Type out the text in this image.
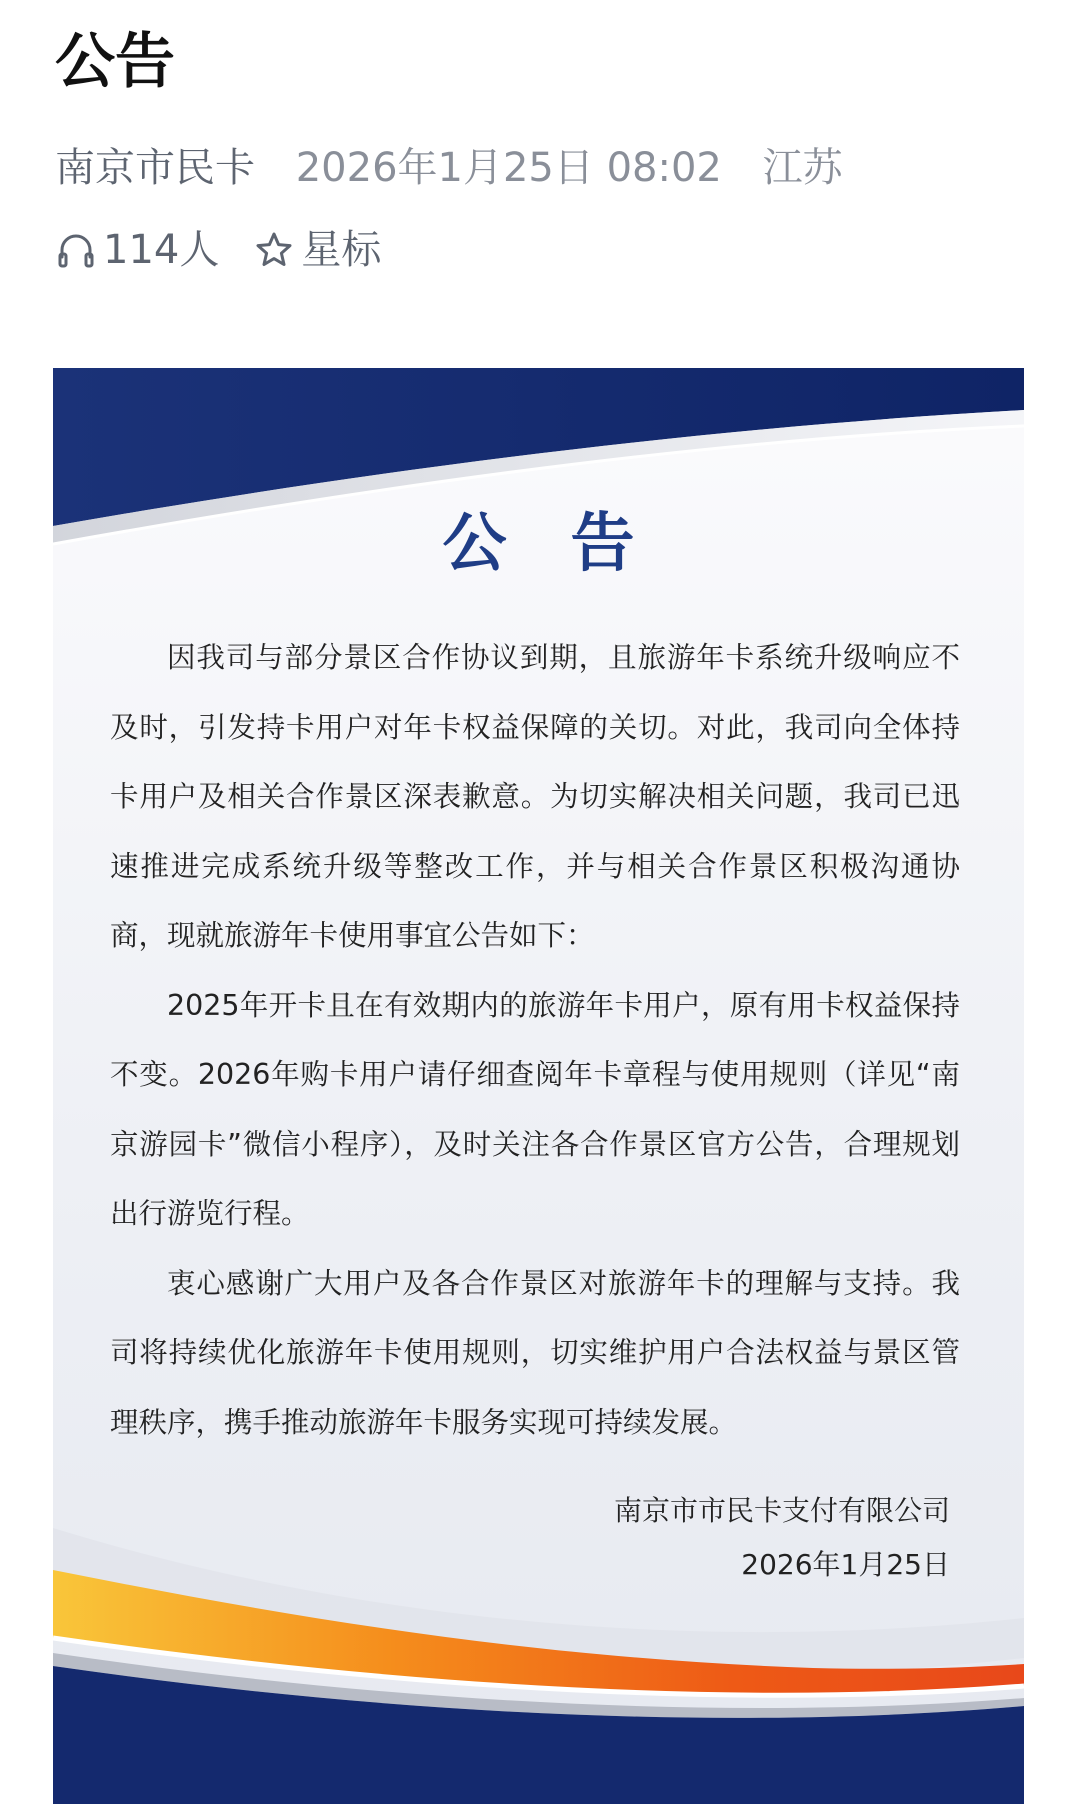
公告
南京市民卡 2026年1月25日 08:02 江苏
114人 星标
公告

因我司与部分景区合作协议到期，且旅游年卡系统升级响应不及时，引发持卡用户对年卡权益保障的关切。对此，我司向全体持卡用户及相关合作景区深表歉意。为切实解决相关问题，我司已迅速推进完成系统升级等整改工作，并与相关合作景区积极沟通协商，现就旅游年卡使用事宜公告如下：

2025年开卡且在有效期内的旅游年卡用户，原有用卡权益保持不变。2026年购卡用户请仔细查阅年卡章程与使用规则（详见“南京游园卡”微信小程序），及时关注各合作景区官方公告，合理规划出行游览行程。

衷心感谢广大用户及各合作景区对旅游年卡的理解与支持。我司将持续优化旅游年卡使用规则，切实维护用户合法权益与景区管理秩序，携手推动旅游年卡服务实现可持续发展。

南京市市民卡支付有限公司
2026年1月25日
